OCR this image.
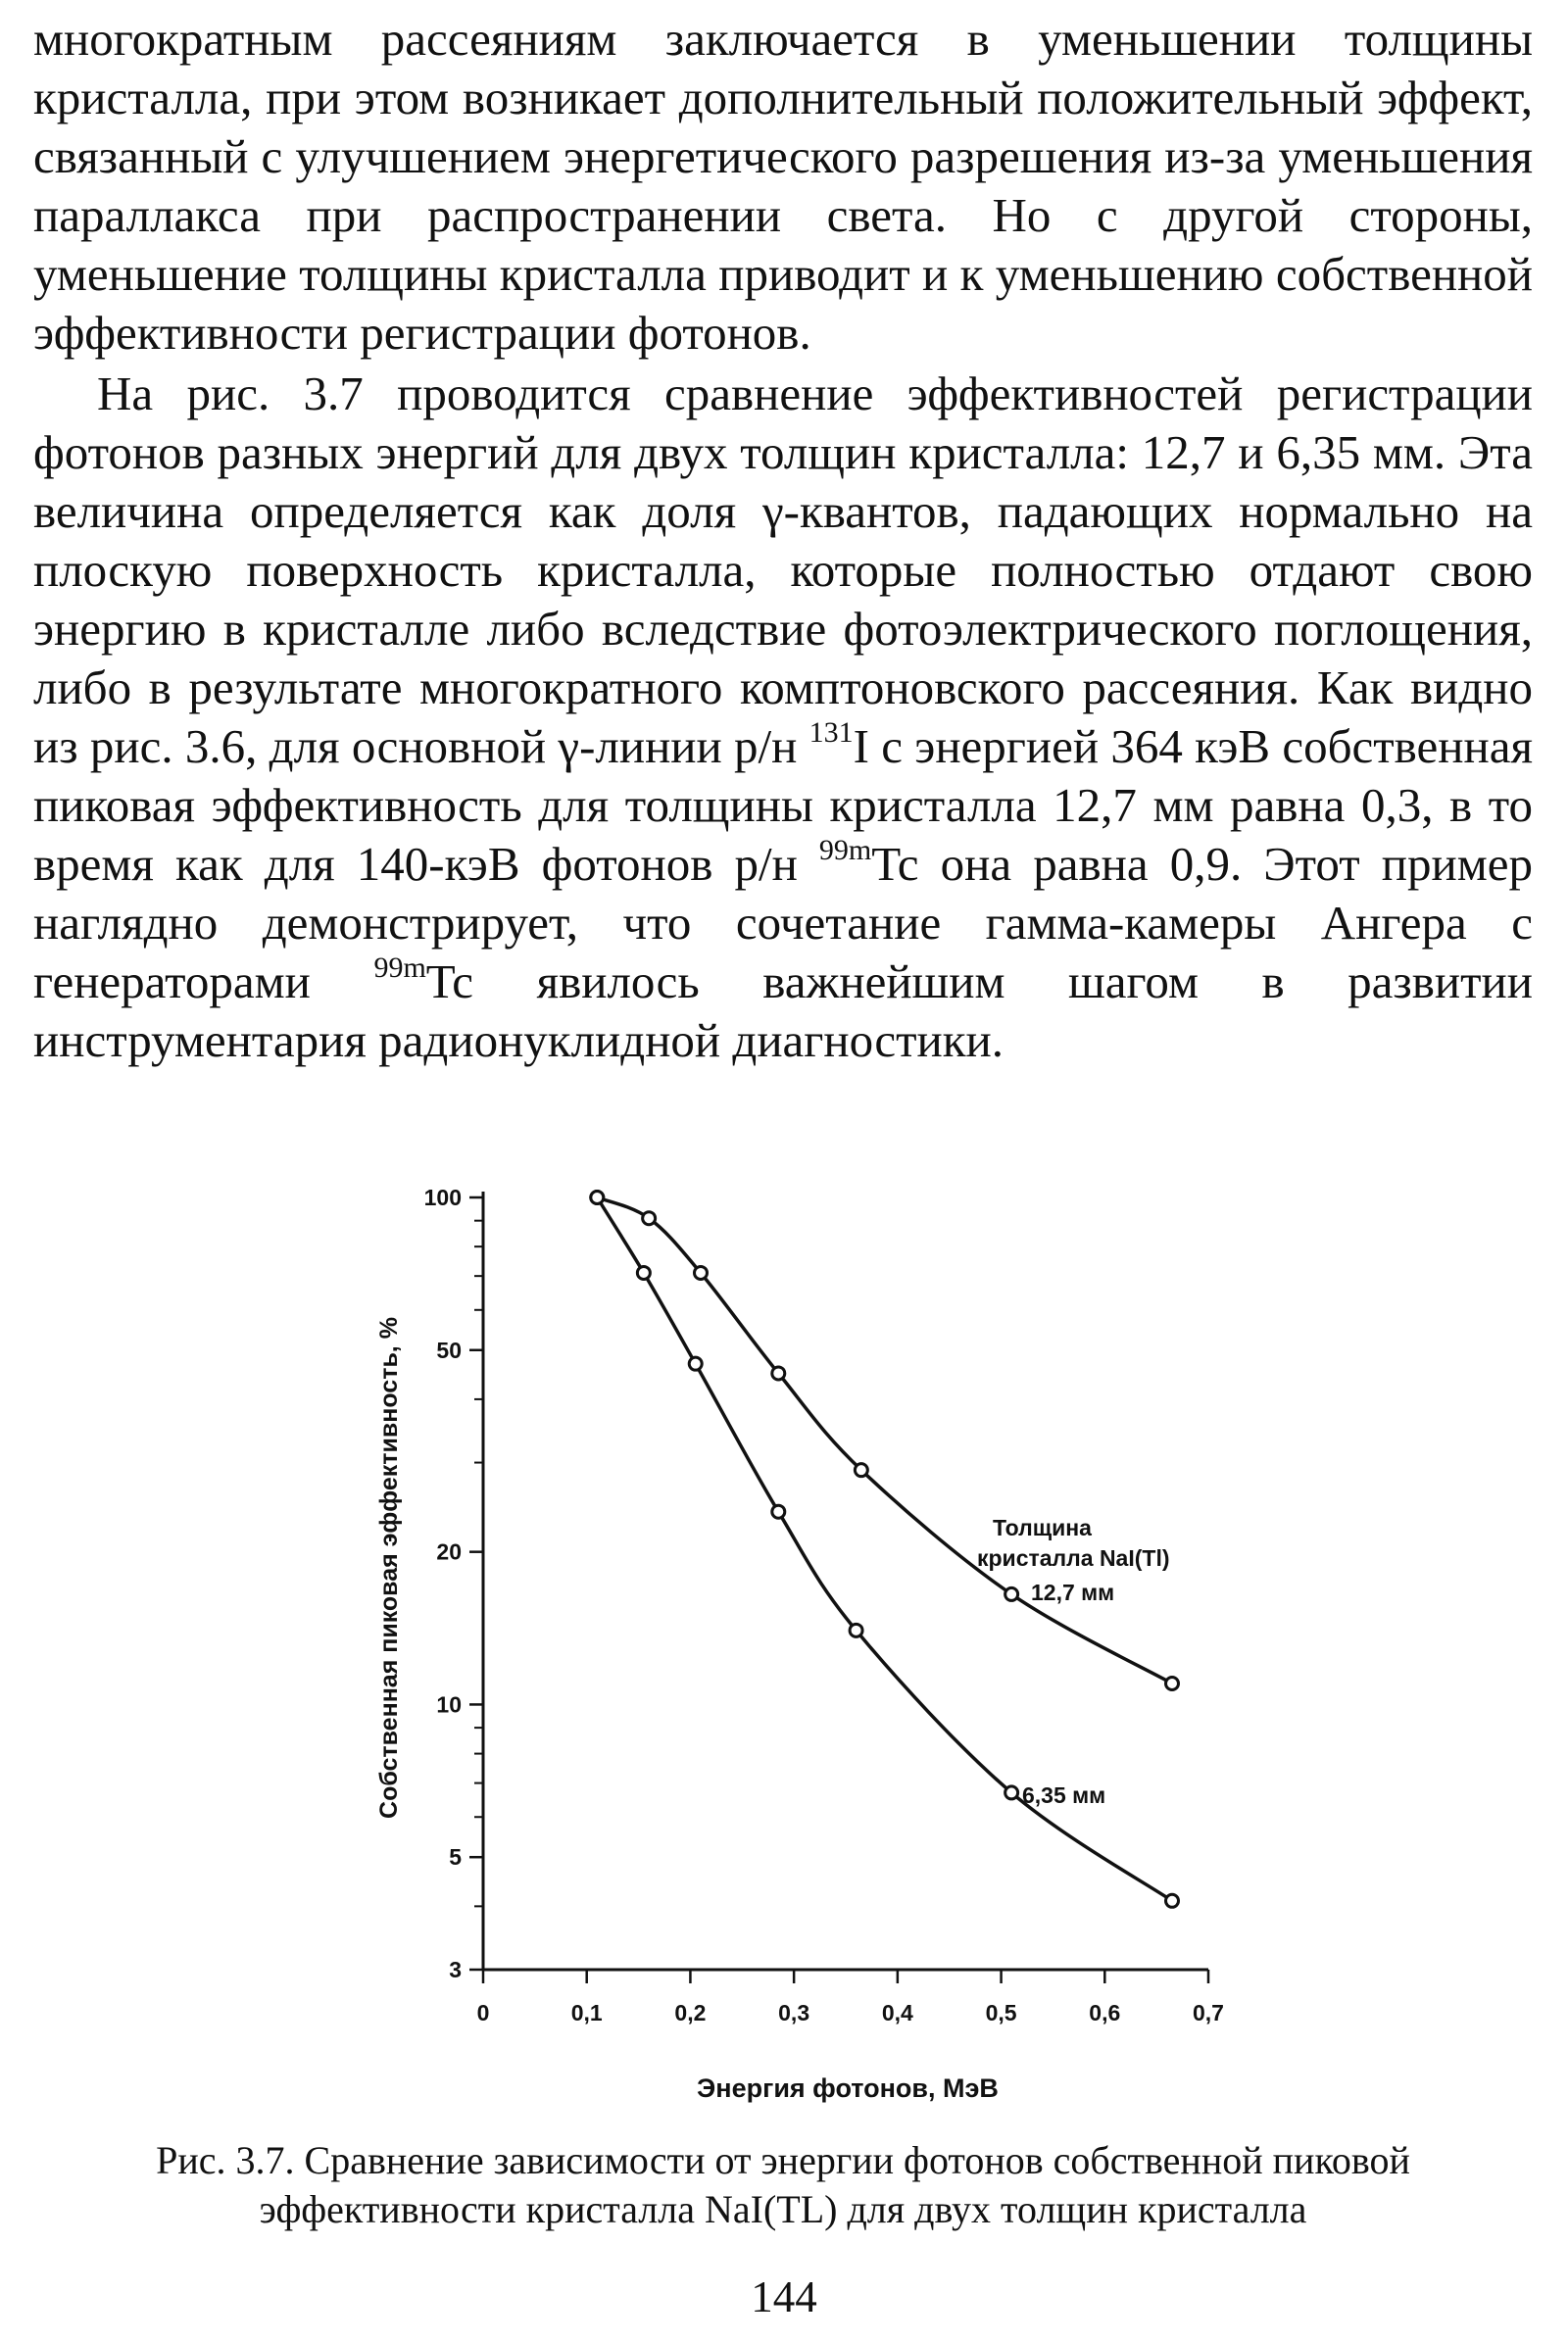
многократным рассеяниям заключается в уменьшении толщины кристалла, при этом возникает дополнительный положительный эффект, связанный с улучшением энергетического разрешения из-за уменьшения параллакса при распространении света. Но с другой стороны, уменьшение толщины кристалла приводит и к уменьшению собственной эффективности регистрации фотонов.

На рис. 3.7 проводится сравнение эффективностей регистрации фотонов разных энергий для двух толщин кристалла: 12,7 и 6,35 мм. Эта величина определяется как доля γ-квантов, падающих нормально на плоскую поверхность кристалла, которые полностью отдают свою энергию в кристалле либо вследствие фотоэлектрического поглощения, либо в результате многократного комптоновского рассеяния. Как видно из рис. 3.6, для основной γ-линии р/н $^{131}$I с энергией 364 кэВ собственная пиковая эффективность для толщины кристалла 12,7 мм равна 0,3, в то время как для 140-кэВ фотонов р/н $^{99m}$Tc она равна 0,9. Этот пример наглядно демонстрирует, что сочетание гамма-камеры Ангера с генераторами $^{99m}$Tc явилось важнейшим шагом в развитии инструментария радионуклидной диагностики.

100
50
20
10
5
3
0	0,1	0,2	0,3	0,4	0,5	0,6	0,7
Собственная пиковая эффективность, %
Энергия фотонов, МэВ
Толщина
кристалла NaI(Tl)
12,7 мм
6,35 мм
Рис. 3.7. Сравнение зависимости от энергии фотонов собственной пиковой
эффективности кристалла NaI(TL) для двух толщин кристалла
144
